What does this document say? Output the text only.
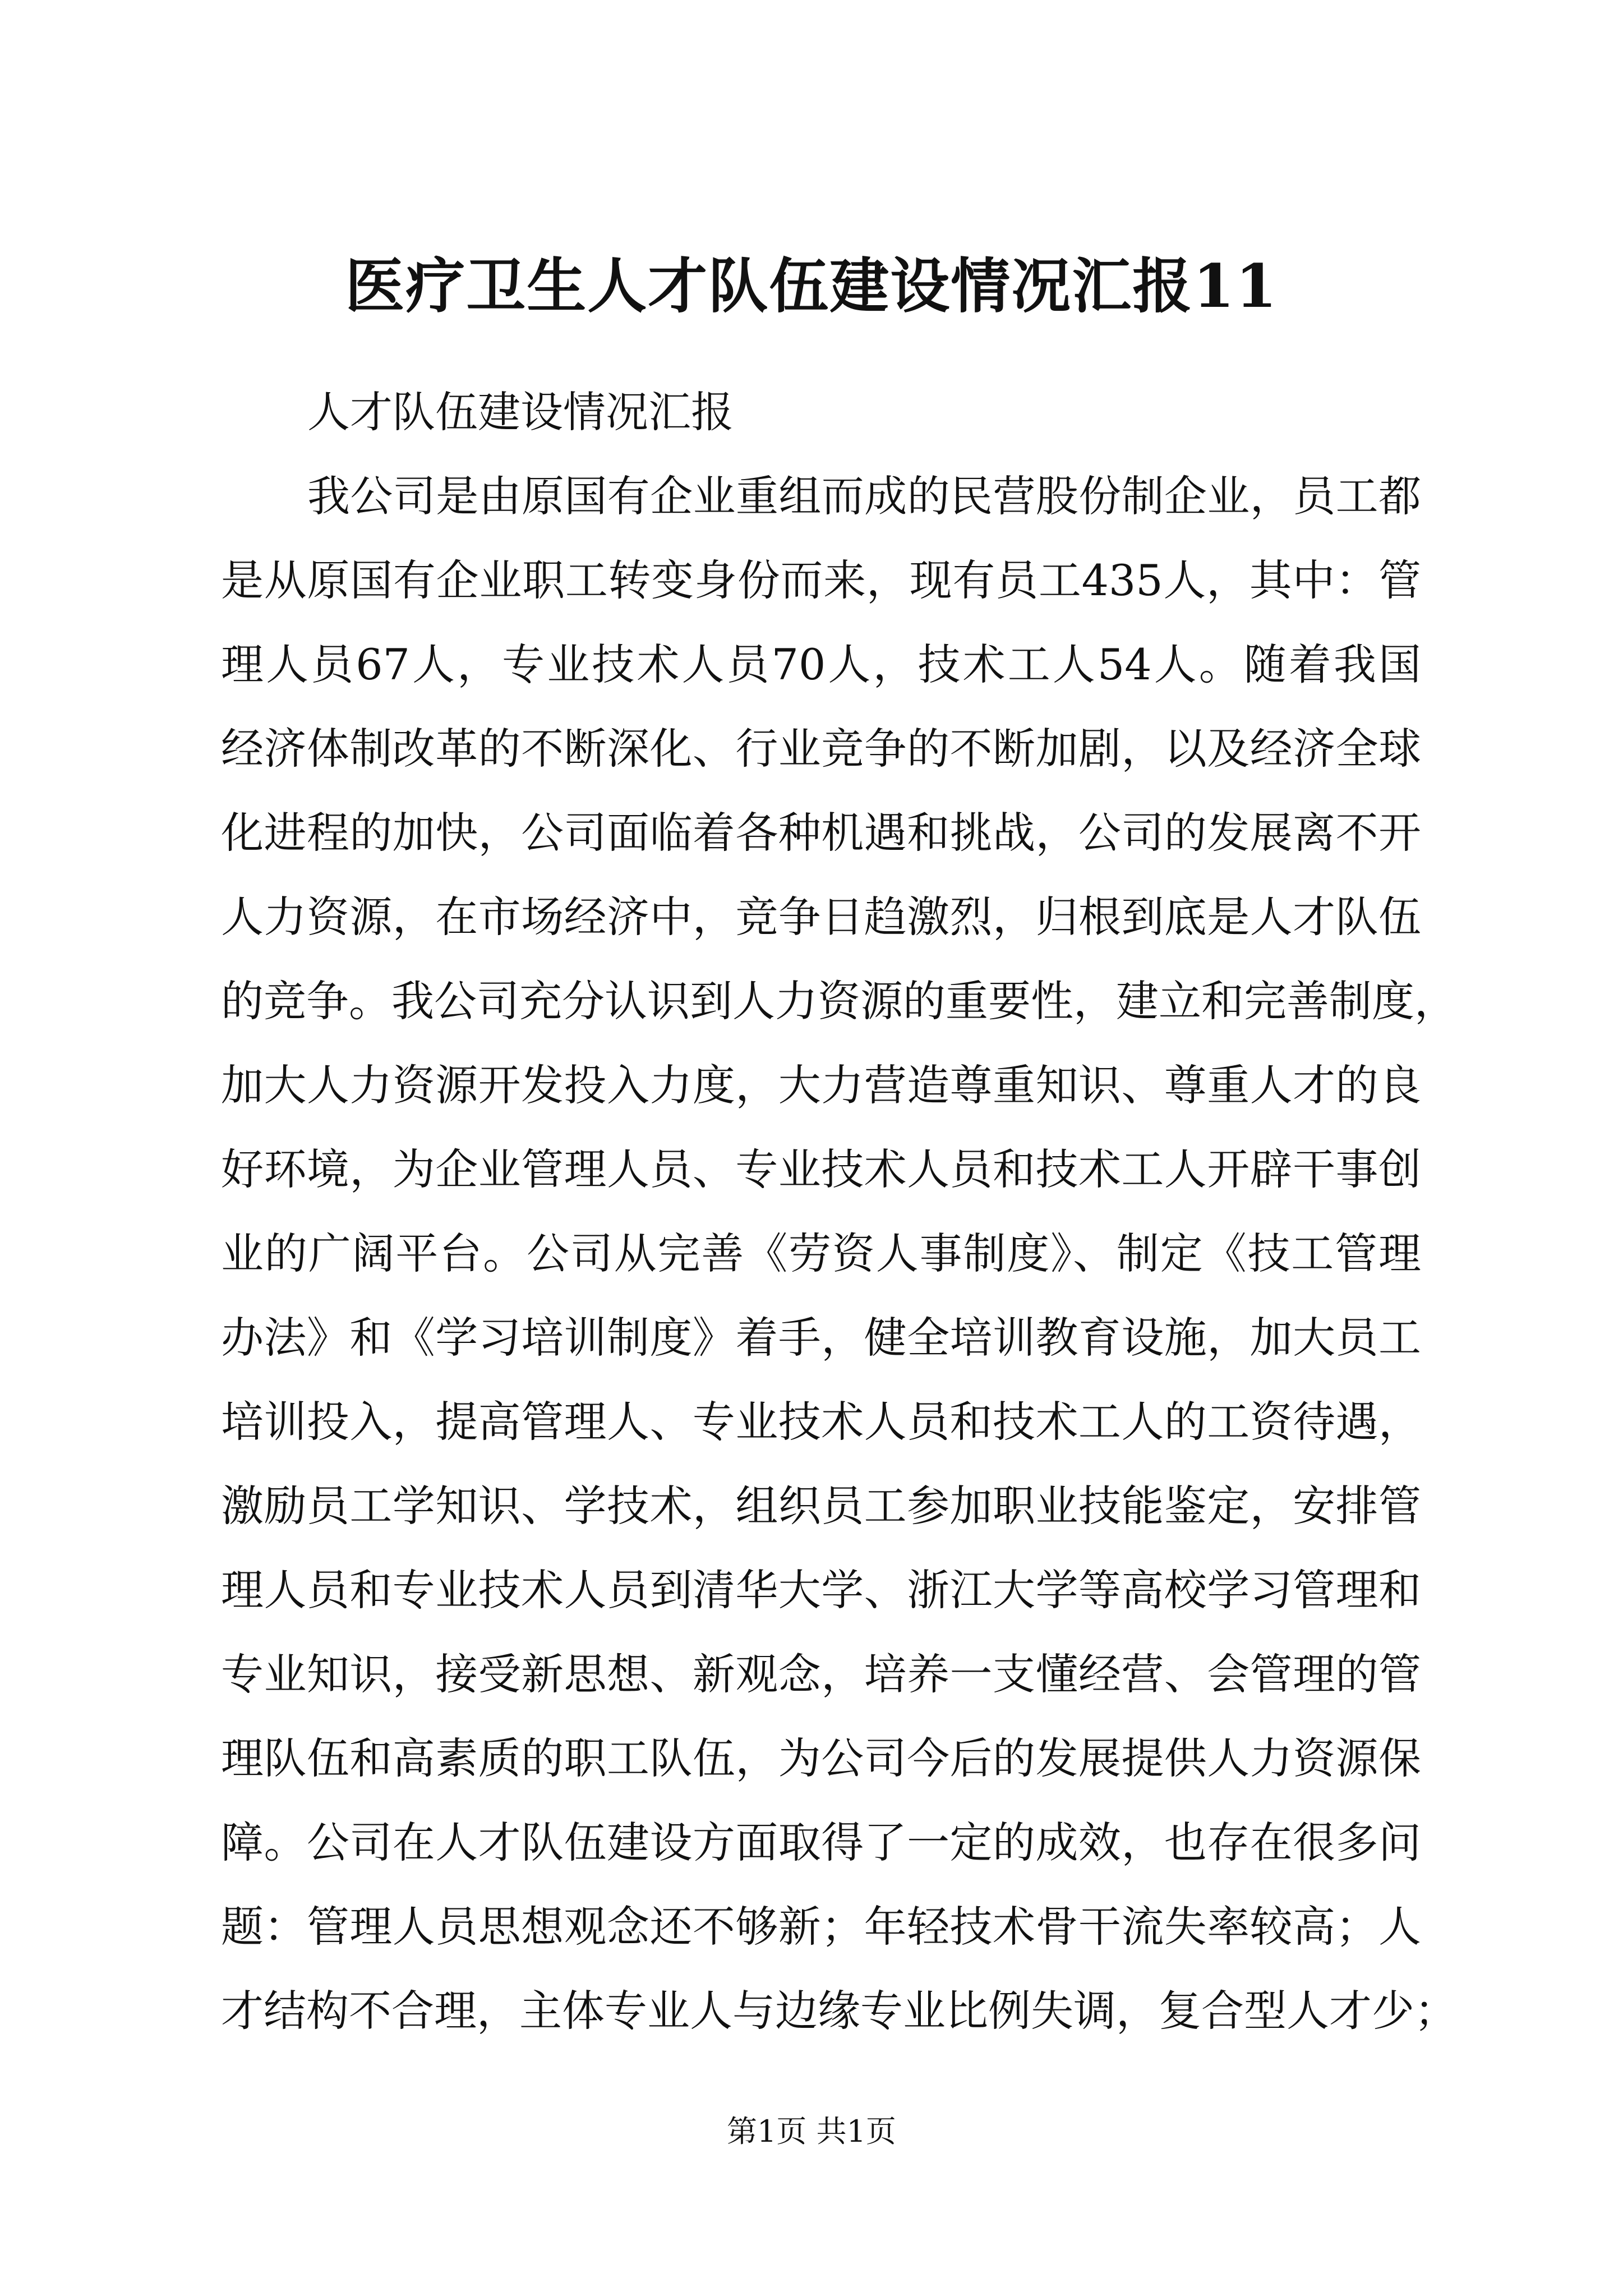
医疗卫生人才队伍建设情况汇报11
人才队伍建设情况汇报
我公司是由原国有企业重组而成的民营股份制企业，员工都
是从原国有企业职工转变身份而来，现有员工435人，其中：管
理人员67人，专业技术人员70人，技术工人54人。随着我国
经济体制改革的不断深化、行业竞争的不断加剧，以及经济全球
化进程的加快，公司面临着各种机遇和挑战，公司的发展离不开
人力资源，在市场经济中，竞争日趋激烈，归根到底是人才队伍
的竞争。我公司充分认识到人力资源的重要性，建立和完善制度，
加大人力资源开发投入力度，大力营造尊重知识、尊重人才的良
好环境，为企业管理人员、专业技术人员和技术工人开辟干事创
业的广阔平台。公司从完善《劳资人事制度》、制定《技工管理
办法》和《学习培训制度》着手，健全培训教育设施，加大员工
培训投入，提高管理人、专业技术人员和技术工人的工资待遇，
激励员工学知识、学技术，组织员工参加职业技能鉴定，安排管
理人员和专业技术人员到清华大学、浙江大学等高校学习管理和
专业知识，接受新思想、新观念，培养一支懂经营、会管理的管
理队伍和高素质的职工队伍，为公司今后的发展提供人力资源保
障。公司在人才队伍建设方面取得了一定的成效，也存在很多问
题：管理人员思想观念还不够新；年轻技术骨干流失率较高；人
才结构不合理，主体专业人与边缘专业比例失调，复合型人才少；
第1页 共1页
